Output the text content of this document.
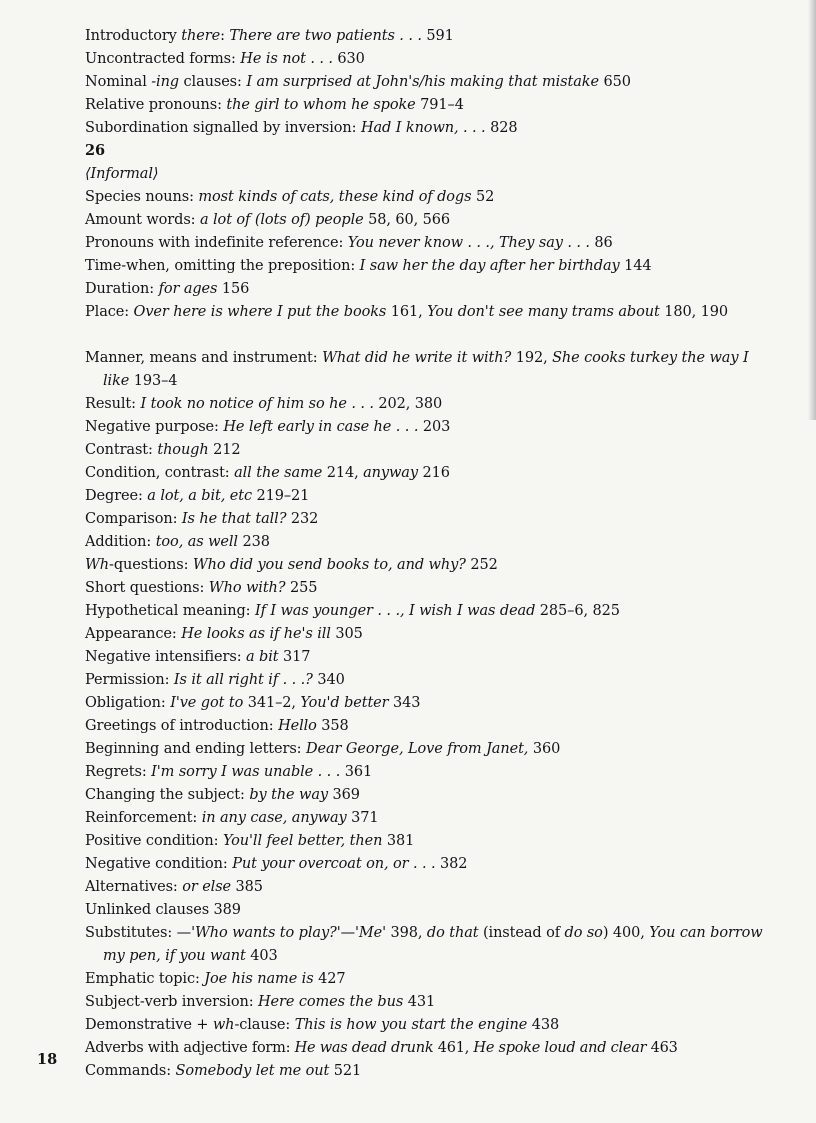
Introductory there: There are two patients . . . 591
Uncontracted forms: He is not . . . 630
Nominal -ing clauses: I am surprised at John's/his making that mistake 650
Relative pronouns: the girl to whom he spoke 791–4
Subordination signalled by inversion: Had I known, . . . 828
26
⟨Informal⟩
Species nouns: most kinds of cats, these kind of dogs 52
Amount words: a lot of (lots of) people 58, 60, 566
Pronouns with indefinite reference: You never know . . ., They say . . . 86
Time-when, omitting the preposition: I saw her the day after her birthday 144
Duration: for ages 156
Place: Over here is where I put the books 161, You don't see many trams about 180, 190
Manner, means and instrument: What did he write it with? 192, She cooks turkey the way I like 193–4
Result: I took no notice of him so he . . . 202, 380
Negative purpose: He left early in case he . . . 203
Contrast: though 212
Condition, contrast: all the same 214, anyway 216
Degree: a lot, a bit, etc 219–21
Comparison: Is he that tall? 232
Addition: too, as well 238
Wh-questions: Who did you send books to, and why? 252
Short questions: Who with? 255
Hypothetical meaning: If I was younger . . ., I wish I was dead 285–6, 825
Appearance: He looks as if he's ill 305
Negative intensifiers: a bit 317
Permission: Is it all right if . . .? 340
Obligation: I've got to 341–2, You'd better 343
Greetings of introduction: Hello 358
Beginning and ending letters: Dear George, Love from Janet, 360
Regrets: I'm sorry I was unable . . . 361
Changing the subject: by the way 369
Reinforcement: in any case, anyway 371
Positive condition: You'll feel better, then 381
Negative condition: Put your overcoat on, or . . . 382
Alternatives: or else 385
Unlinked clauses 389
Substitutes: —'Who wants to play?'—'Me' 398, do that (instead of do so) 400, You can borrow my pen, if you want 403
Emphatic topic: Joe his name is 427
Subject-verb inversion: Here comes the bus 431
Demonstrative + wh-clause: This is how you start the engine 438
Adverbs with adjective form: He was dead drunk 461, He spoke loud and clear 463
Commands: Somebody let me out 521
18
